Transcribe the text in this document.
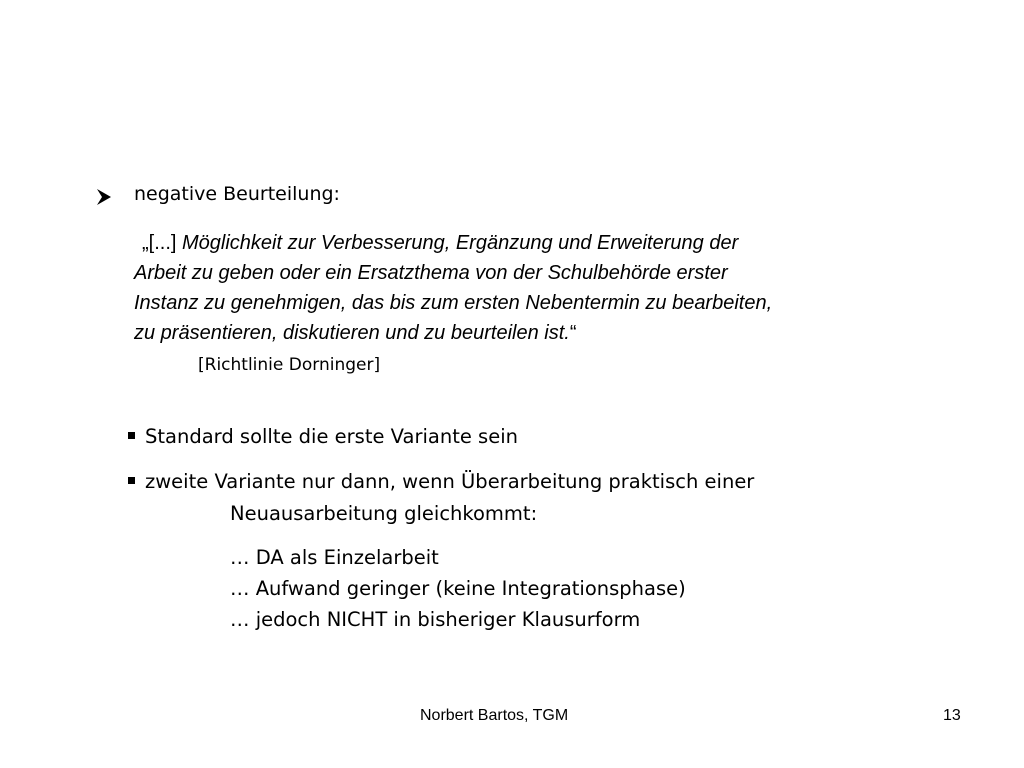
negative Beurteilung:
„[...] Möglichkeit zur Verbesserung, Ergänzung und Erweiterung der
Arbeit zu geben oder ein Ersatzthema von der Schulbehörde erster
Instanz zu genehmigen, das bis zum ersten Nebentermin zu bearbeiten,
zu präsentieren, diskutieren und zu beurteilen ist.“
[Richtlinie Dorninger]
Standard sollte die erste Variante sein
zweite Variante nur dann, wenn Überarbeitung praktisch einer
Neuausarbeitung gleichkommt:
… DA als Einzelarbeit
… Aufwand geringer (keine Integrationsphase)
… jedoch NICHT in bisheriger Klausurform
Norbert Bartos, TGM	13
